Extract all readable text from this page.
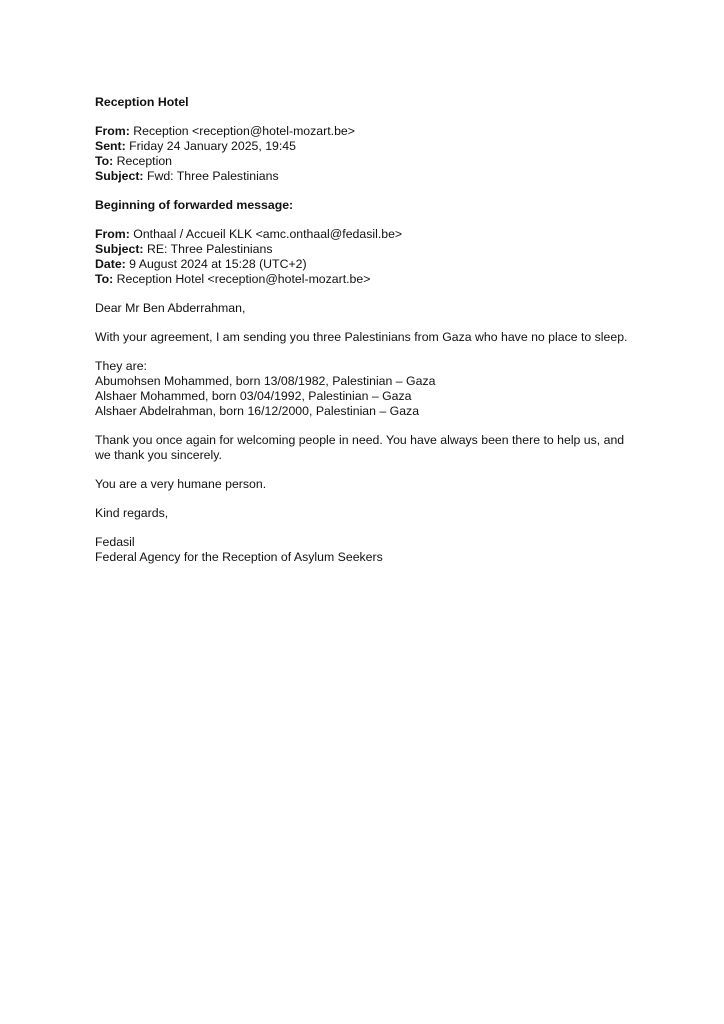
Reception Hotel
From: Reception <reception@hotel-mozart.be>
Sent: Friday 24 January 2025, 19:45
To: Reception
Subject: Fwd: Three Palestinians
Beginning of forwarded message:
From: Onthaal / Accueil KLK <amc.onthaal@fedasil.be>
Subject: RE: Three Palestinians
Date: 9 August 2024 at 15:28 (UTC+2)
To: Reception Hotel <reception@hotel-mozart.be>
Dear Mr Ben Abderrahman,
With your agreement, I am sending you three Palestinians from Gaza who have no place to sleep.
They are:
Abumohsen Mohammed, born 13/08/1982, Palestinian – Gaza
Alshaer Mohammed, born 03/04/1992, Palestinian – Gaza
Alshaer Abdelrahman, born 16/12/2000, Palestinian – Gaza
Thank you once again for welcoming people in need. You have always been there to help us, and
we thank you sincerely.
You are a very humane person.
Kind regards,
Fedasil
Federal Agency for the Reception of Asylum Seekers
